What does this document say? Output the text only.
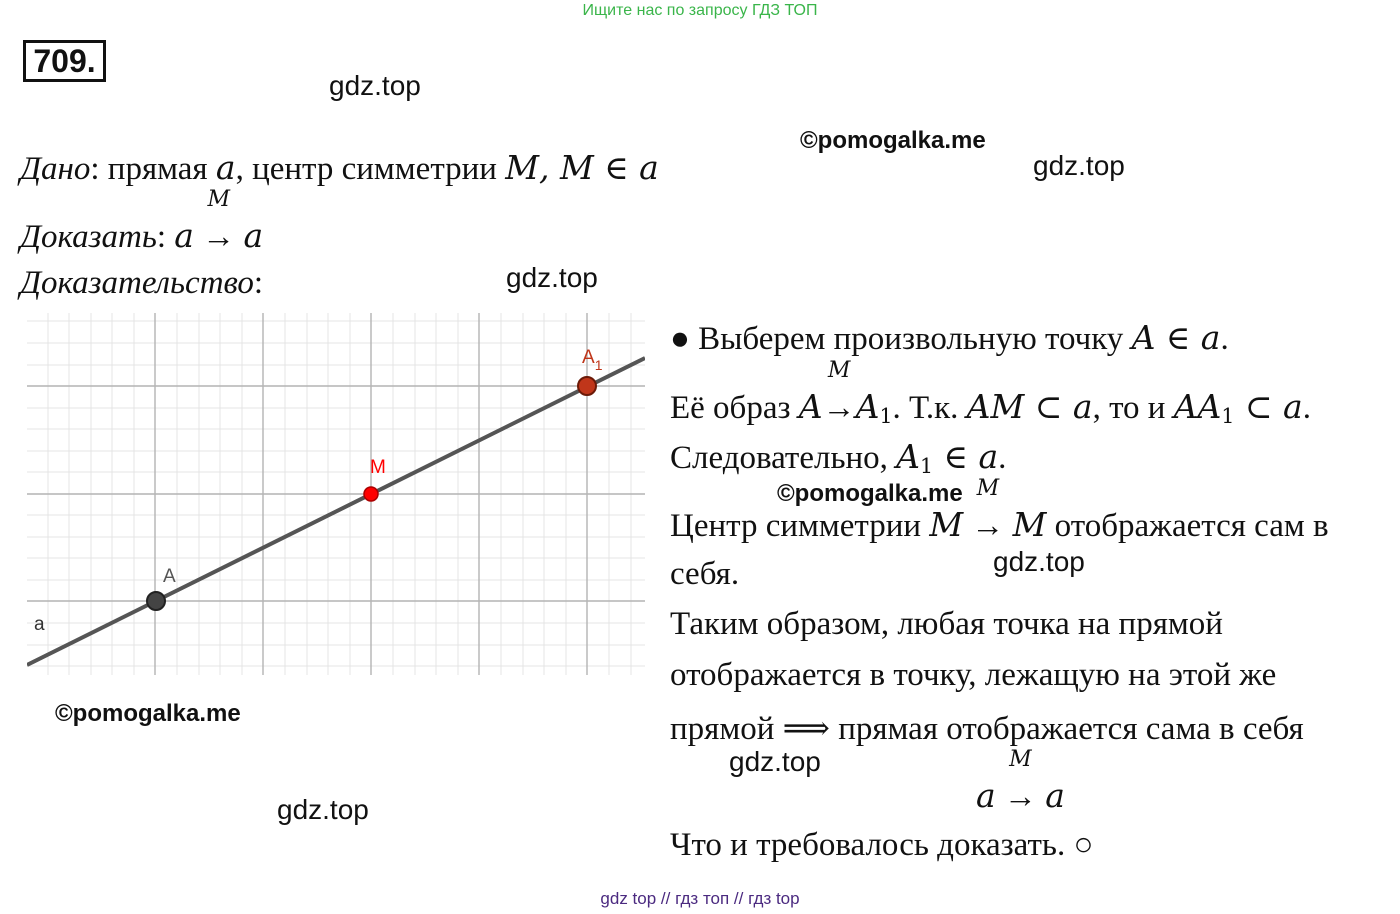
Ищите нас по запросу ГДЗ ТОП
709.
gdz.top
©pomogalka.me
gdz.top
gdz.top
©pomogalka.me
gdz.top
©pomogalka.me
gdz.top
gdz.top
Дано: прямая a, центр симметрии M, M ∈ a
Доказать: a
M
→ a
Доказательство:
a
A
M
$A_1$
● Выберем произвольную точку A ∈ a.
Её образ A
M
$\to A_1$. Т.к. AM ⊂ a, то и $AA_1$ ⊂ a.
Следовательно, $A_1$ ∈ a.
Центр симметрии M
M
→ M отображается сам в
себя.
Таким образом, любая точка на прямой
отображается в точку, лежащую на этой же
прямой ⟹ прямая отображается сама в себя
a
M
→ a
Что и требовалось доказать. ○
gdz top // гдз топ // гдз top
